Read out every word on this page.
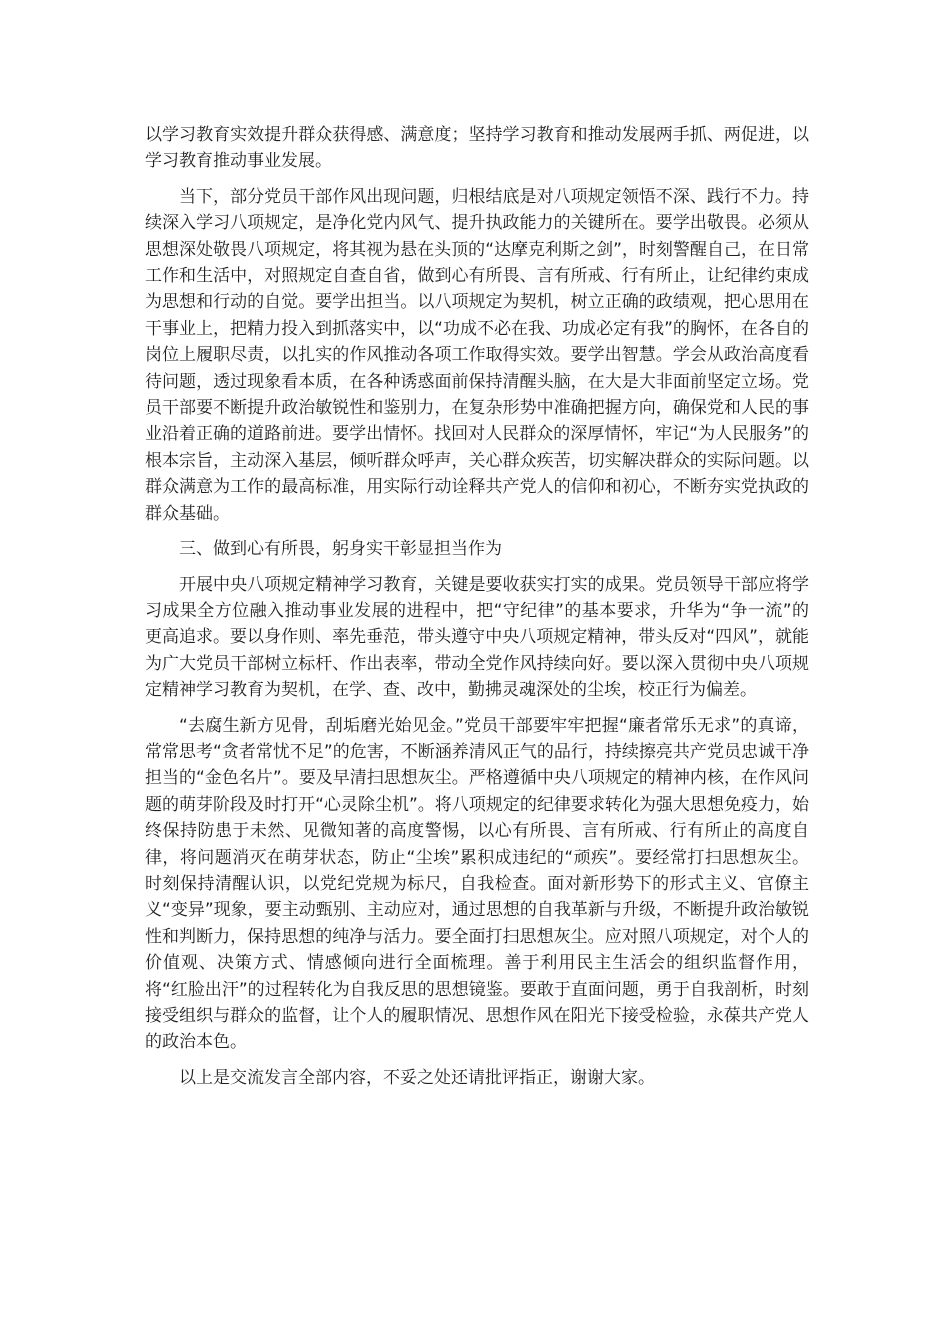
以学习教育实效提升群众获得感、满意度；坚持学习教育和推动发展两手抓、两促进，以学习教育推动事业发展。

当下，部分党员干部作风出现问题，归根结底是对八项规定领悟不深、践行不力。持续深入学习八项规定，是净化党内风气、提升执政能力的关键所在。要学出敬畏。必须从思想深处敬畏八项规定，将其视为悬在头顶的“达摩克利斯之剑”，时刻警醒自己，在日常工作和生活中，对照规定自查自省，做到心有所畏、言有所戒、行有所止，让纪律约束成为思想和行动的自觉。要学出担当。以八项规定为契机，树立正确的政绩观，把心思用在干事业上，把精力投入到抓落实中，以“功成不必在我、功成必定有我”的胸怀，在各自的岗位上履职尽责，以扎实的作风推动各项工作取得实效。要学出智慧。学会从政治高度看待问题，透过现象看本质，在各种诱惑面前保持清醒头脑，在大是大非面前坚定立场。党员干部要不断提升政治敏锐性和鉴别力，在复杂形势中准确把握方向，确保党和人民的事业沿着正确的道路前进。要学出情怀。找回对人民群众的深厚情怀，牢记“为人民服务”的根本宗旨，主动深入基层，倾听群众呼声，关心群众疾苦，切实解决群众的实际问题。以群众满意为工作的最高标准，用实际行动诠释共产党人的信仰和初心，不断夯实党执政的群众基础。

三、做到心有所畏，躬身实干彰显担当作为

开展中央八项规定精神学习教育，关键是要收获实打实的成果。党员领导干部应将学习成果全方位融入推动事业发展的进程中，把“守纪律”的基本要求，升华为“争一流”的更高追求。要以身作则、率先垂范，带头遵守中央八项规定精神，带头反对“四风”，就能为广大党员干部树立标杆、作出表率，带动全党作风持续向好。要以深入贯彻中央八项规定精神学习教育为契机，在学、查、改中，勤拂灵魂深处的尘埃，校正行为偏差。

“去腐生新方见骨，刮垢磨光始见金。”党员干部要牢牢把握“廉者常乐无求”的真谛，常常思考“贪者常忧不足”的危害，不断涵养清风正气的品行，持续擦亮共产党员忠诚干净担当的“金色名片”。要及早清扫思想灰尘。严格遵循中央八项规定的精神内核，在作风问题的萌芽阶段及时打开“心灵除尘机”。将八项规定的纪律要求转化为强大思想免疫力，始终保持防患于未然、见微知著的高度警惕，以心有所畏、言有所戒、行有所止的高度自律，将问题消灭在萌芽状态，防止“尘埃”累积成违纪的“顽疾”。要经常打扫思想灰尘。时刻保持清醒认识，以党纪党规为标尺，自我检查。面对新形势下的形式主义、官僚主义“变异”现象，要主动甄别、主动应对，通过思想的自我革新与升级，不断提升政治敏锐性和判断力，保持思想的纯净与活力。要全面打扫思想灰尘。应对照八项规定，对个人的价值观、决策方式、情感倾向进行全面梳理。善于利用民主生活会的组织监督作用，将“红脸出汗”的过程转化为自我反思的思想镜鉴。要敢于直面问题，勇于自我剖析，时刻接受组织与群众的监督，让个人的履职情况、思想作风在阳光下接受检验，永葆共产党人的政治本色。

以上是交流发言全部内容，不妥之处还请批评指正，谢谢大家。
